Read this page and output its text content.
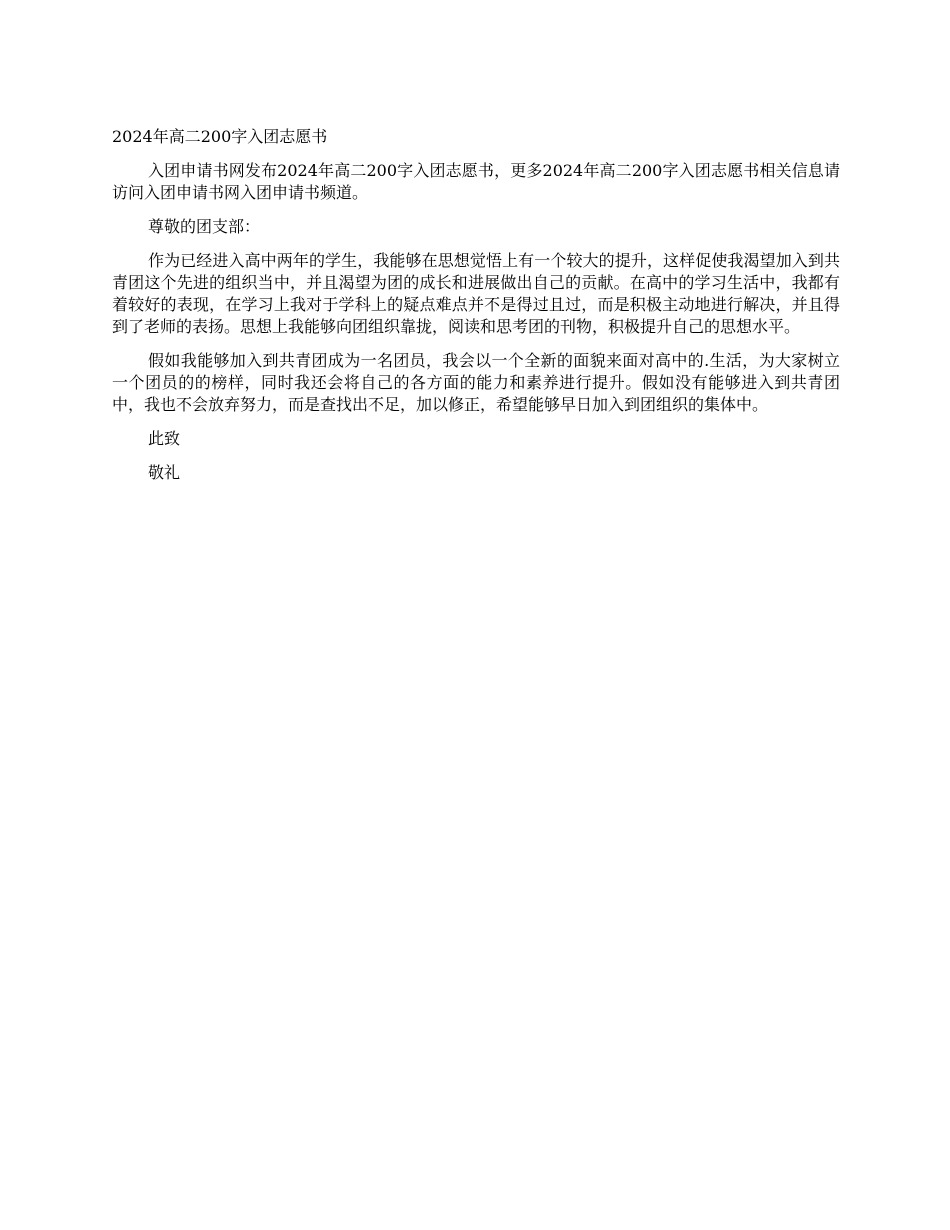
2024年高二200字入团志愿书

入团申请书网发布2024年高二200字入团志愿书，更多2024年高二200字入团志愿书相关信息请访问入团申请书网入团申请书频道。

尊敬的团支部：

作为已经进入高中两年的学生，我能够在思想觉悟上有一个较大的提升，这样促使我渴望加入到共青团这个先进的组织当中，并且渴望为团的成长和进展做出自己的贡献。在高中的学习生活中，我都有着较好的表现，在学习上我对于学科上的疑点难点并不是得过且过，而是积极主动地进行解决，并且得到了老师的表扬。思想上我能够向团组织靠拢，阅读和思考团的刊物，积极提升自己的思想水平。

假如我能够加入到共青团成为一名团员，我会以一个全新的面貌来面对高中的.生活，为大家树立一个团员的的榜样，同时我还会将自己的各方面的能力和素养进行提升。假如没有能够进入到共青团中，我也不会放弃努力，而是查找出不足，加以修正，希望能够早日加入到团组织的集体中。

此致

敬礼
